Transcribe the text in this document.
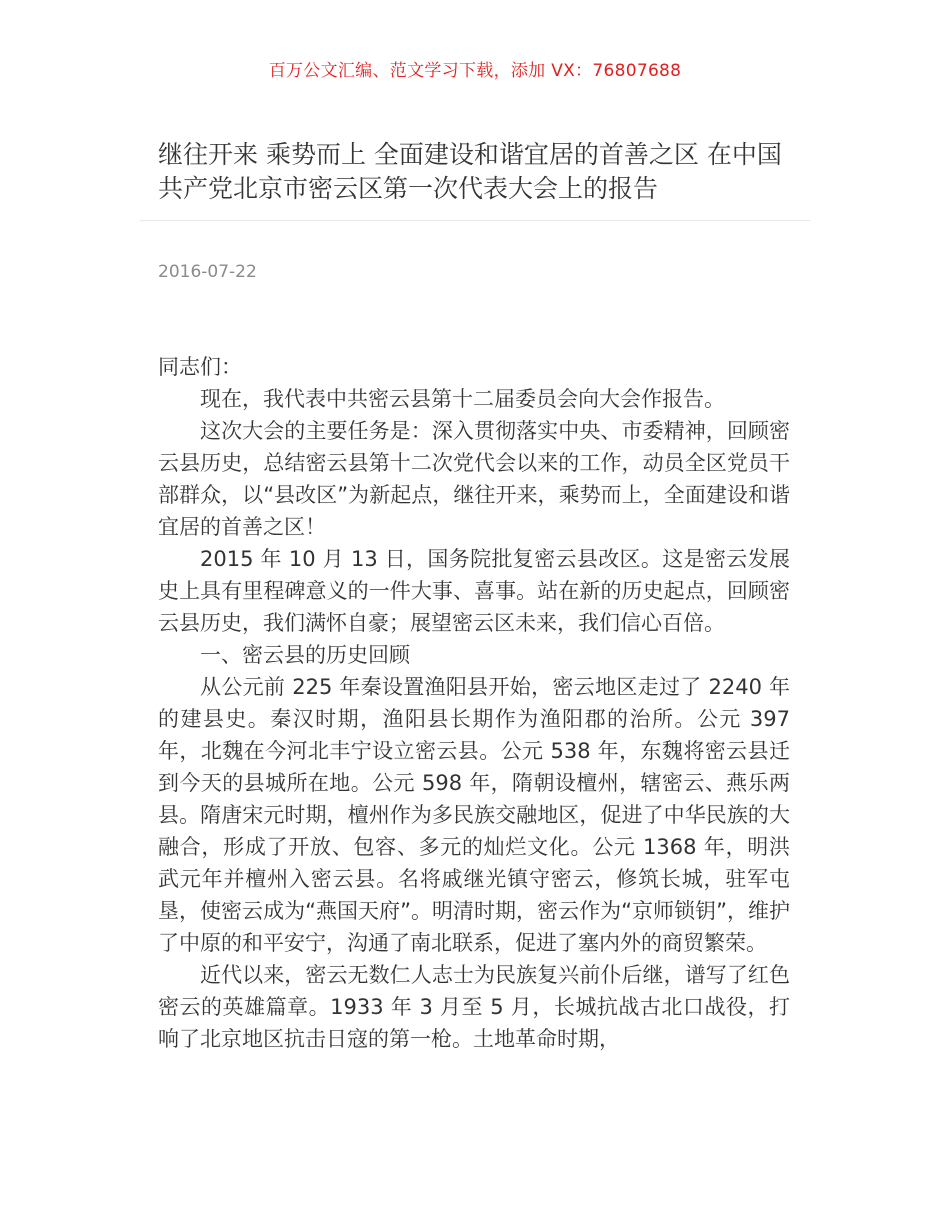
百万公文汇编、范文学习下载，添加 VX：76807688
继往开来 乘势而上 全面建设和谐宜居的首善之区 在中国共产党北京市密云区第一次代表大会上的报告
2016-07-22

同志们：

现在，我代表中共密云县第十二届委员会向大会作报告。

这次大会的主要任务是：深入贯彻落实中央、市委精神，回顾密云县历史，总结密云县第十二次党代会以来的工作，动员全区党员干部群众，以“县改区”为新起点，继往开来，乘势而上，全面建设和谐宜居的首善之区！

2015 年 10 月 13 日，国务院批复密云县改区。这是密云发展史上具有里程碑意义的一件大事、喜事。站在新的历史起点，回顾密云县历史，我们满怀自豪；展望密云区未来，我们信心百倍。

一、密云县的历史回顾

从公元前 225 年秦设置渔阳县开始，密云地区走过了 2240 年的建县史。秦汉时期，渔阳县长期作为渔阳郡的治所。公元 397 年，北魏在今河北丰宁设立密云县。公元 538 年，东魏将密云县迁到今天的县城所在地。公元 598 年，隋朝设檀州，辖密云、燕乐两县。隋唐宋元时期，檀州作为多民族交融地区，促进了中华民族的大融合，形成了开放、包容、多元的灿烂文化。公元 1368 年，明洪武元年并檀州入密云县。名将戚继光镇守密云，修筑长城，驻军屯垦，使密云成为“燕国天府”。明清时期，密云作为“京师锁钥”，维护了中原的和平安宁，沟通了南北联系，促进了塞内外的商贸繁荣。

近代以来，密云无数仁人志士为民族复兴前仆后继，谱写了红色密云的英雄篇章。1933 年 3 月至 5 月，长城抗战古北口战役，打响了北京地区抗击日寇的第一枪。土地革命时期，
